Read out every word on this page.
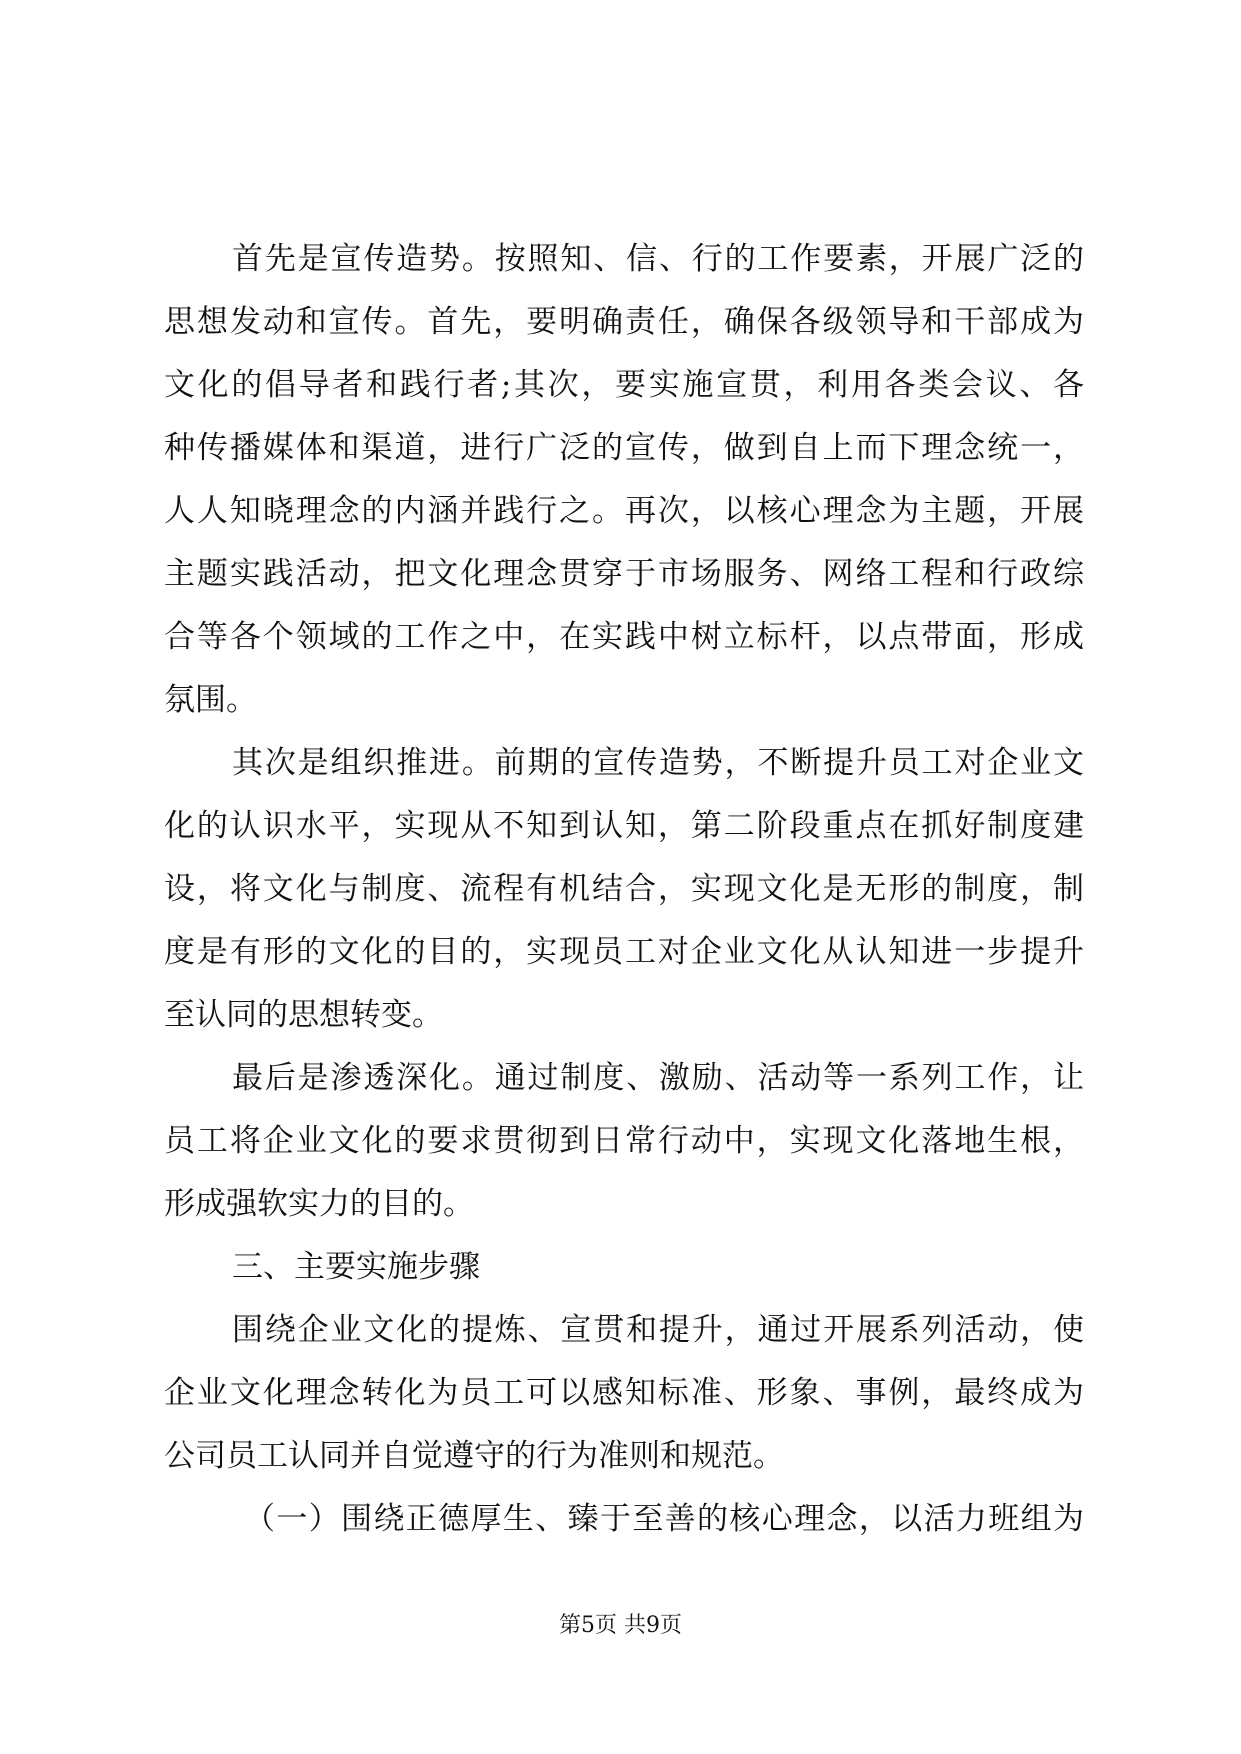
首先是宣传造势。按照知、信、行的工作要素，开展广泛的
思想发动和宣传。首先，要明确责任，确保各级领导和干部成为
文化的倡导者和践行者;其次，要实施宣贯，利用各类会议、各
种传播媒体和渠道，进行广泛的宣传，做到自上而下理念统一，
人人知晓理念的内涵并践行之。再次，以核心理念为主题，开展
主题实践活动，把文化理念贯穿于市场服务、网络工程和行政综
合等各个领域的工作之中，在实践中树立标杆，以点带面，形成
氛围。
其次是组织推进。前期的宣传造势，不断提升员工对企业文
化的认识水平，实现从不知到认知，第二阶段重点在抓好制度建
设，将文化与制度、流程有机结合，实现文化是无形的制度，制
度是有形的文化的目的，实现员工对企业文化从认知进一步提升
至认同的思想转变。
最后是渗透深化。通过制度、激励、活动等一系列工作，让
员工将企业文化的要求贯彻到日常行动中，实现文化落地生根，
形成强软实力的目的。
三、主要实施步骤
围绕企业文化的提炼、宣贯和提升，通过开展系列活动，使
企业文化理念转化为员工可以感知标准、形象、事例，最终成为
公司员工认同并自觉遵守的行为准则和规范。
（一）围绕正德厚生、臻于至善的核心理念，以活力班组为
第5页 共9页
